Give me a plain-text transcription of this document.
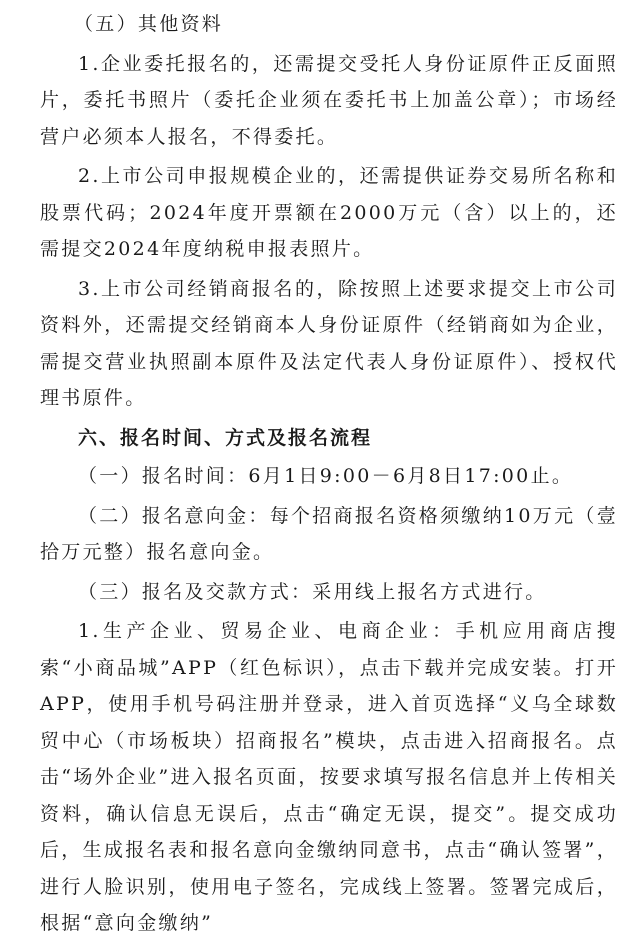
（五）其他资料

1.企业委托报名的，还需提交受托人身份证原件正反面照片，委托书照片（委托企业须在委托书上加盖公章）；市场经营户必须本人报名，不得委托。

2.上市公司申报规模企业的，还需提供证券交易所名称和股票代码；2024年度开票额在2000万元（含）以上的，还需提交2024年度纳税申报表照片。

3.上市公司经销商报名的，除按照上述要求提交上市公司资料外，还需提交经销商本人身份证原件（经销商如为企业，需提交营业执照副本原件及法定代表人身份证原件）、授权代理书原件。

六、报名时间、方式及报名流程

（一）报名时间：6月1日9:00－6月8日17:00止。

（二）报名意向金：每个招商报名资格须缴纳10万元（壹拾万元整）报名意向金。

（三）报名及交款方式：采用线上报名方式进行。

1.生产企业、贸易企业、电商企业：手机应用商店搜索“小商品城”APP（红色标识），点击下载并完成安装。打开APP，使用手机号码注册并登录，进入首页选择“义乌全球数贸中心（市场板块）招商报名”模块，点击进入招商报名。点击“场外企业”进入报名页面，按要求填写报名信息并上传相关资料，确认信息无误后，点击“确定无误，提交”。提交成功后，生成报名表和报名意向金缴纳同意书，点击“确认签署”，进行人脸识别，使用电子签名，完成线上签署。签署完成后，根据“意向金缴纳”
